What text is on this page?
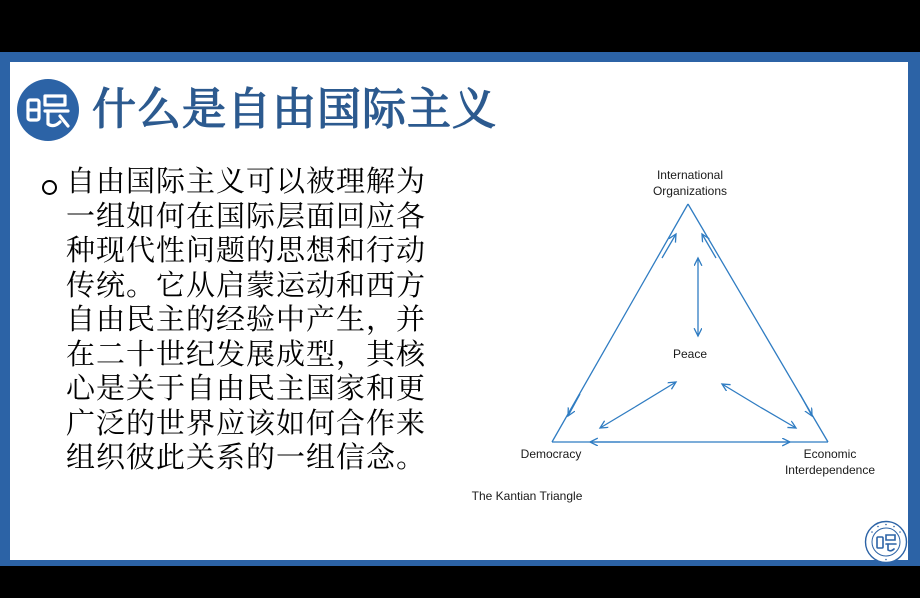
什么是自由国际主义
自由国际主义可以被理解为一组如何在国际层面回应各种现代性问题的思想和行动传统。它从启蒙运动和西方自由民主的经验中产生，并在二十世纪发展成型，其核心是关于自由民主国家和更广泛的世界应该如何合作来组织彼此关系的一组信念。
International
Organizations
Peace
Democracy	Economic
Interdependence
The Kantian Triangle
